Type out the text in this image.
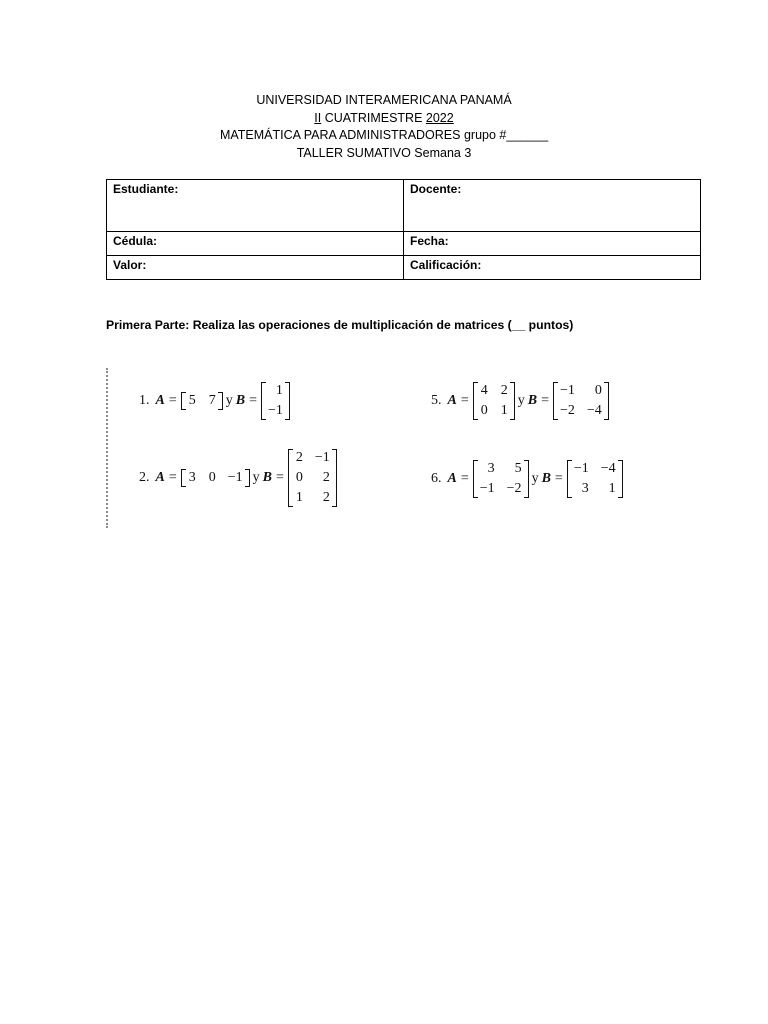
UNIVERSIDAD INTERAMERICANA PANAMÁ
II CUATRIMESTRE 2022
MATEMÁTICA PARA ADMINISTRADORES grupo #______
TALLER SUMATIVO Semana 3
Estudiante:	Docente:
Cédula:	Fecha:
Valor:	Calificación:
Primera Parte: Realiza las operaciones de multiplicación de matrices (__ puntos)
1. A = 5 7 y B =
1
−1
2. A = 3 0 −1 y B =
2 −1
0	2
1	2
5. A =
4 2
0 1
y B =
−1	0
−2 −4
6. A =
3	5
−1 −2
y B =
−1 −4
3	1
